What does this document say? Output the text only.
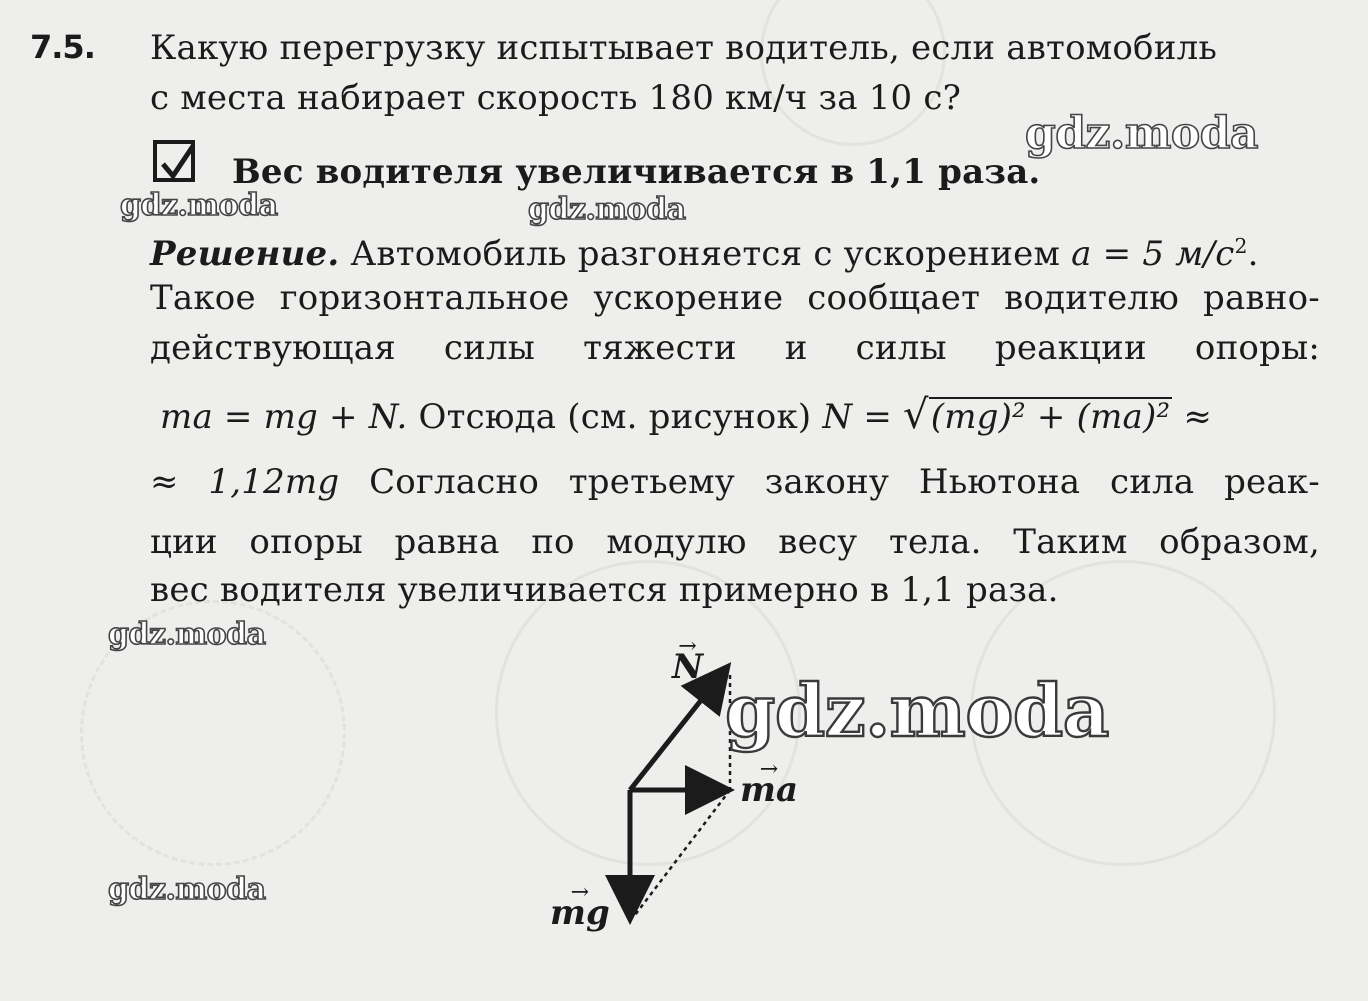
7.5. Какую перегрузку испытывает водитель, если автомобиль
с места набирает скорость 180 км/ч за 10 с?
Вес водителя увеличивается в 1,1 раза.
Решение. Автомобиль разгоняется с ускорением a = 5 $м/с^2$.
Такое горизонтальное ускорение сообщает водителю равно-
действующая силы тяжести и силы реакции опоры:
ma = mg + N. Отсюда (см. рисунок) N = √(mg)² + (ma)² ≈
≈ 1,12mg Согласно третьему закону Ньютона сила реак-
ции опоры равна по модулю весу тела. Таким образом,
вес водителя увеличивается примерно в 1,1 раза.
→ N
→ ma
→ mg
gdz.moda
gdz.moda	gdz.moda
gdz.moda
gdz.moda
gdz.moda
